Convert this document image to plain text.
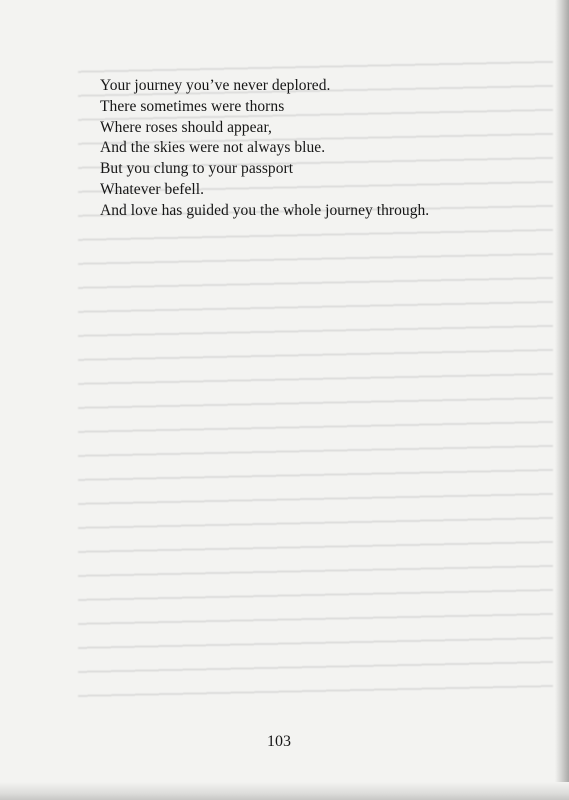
Your journey you’ve never deplored.
There sometimes were thorns
Where roses should appear,
And the skies were not always blue.
But you clung to your passport
Whatever befell.
And love has guided you the whole journey through.
103
